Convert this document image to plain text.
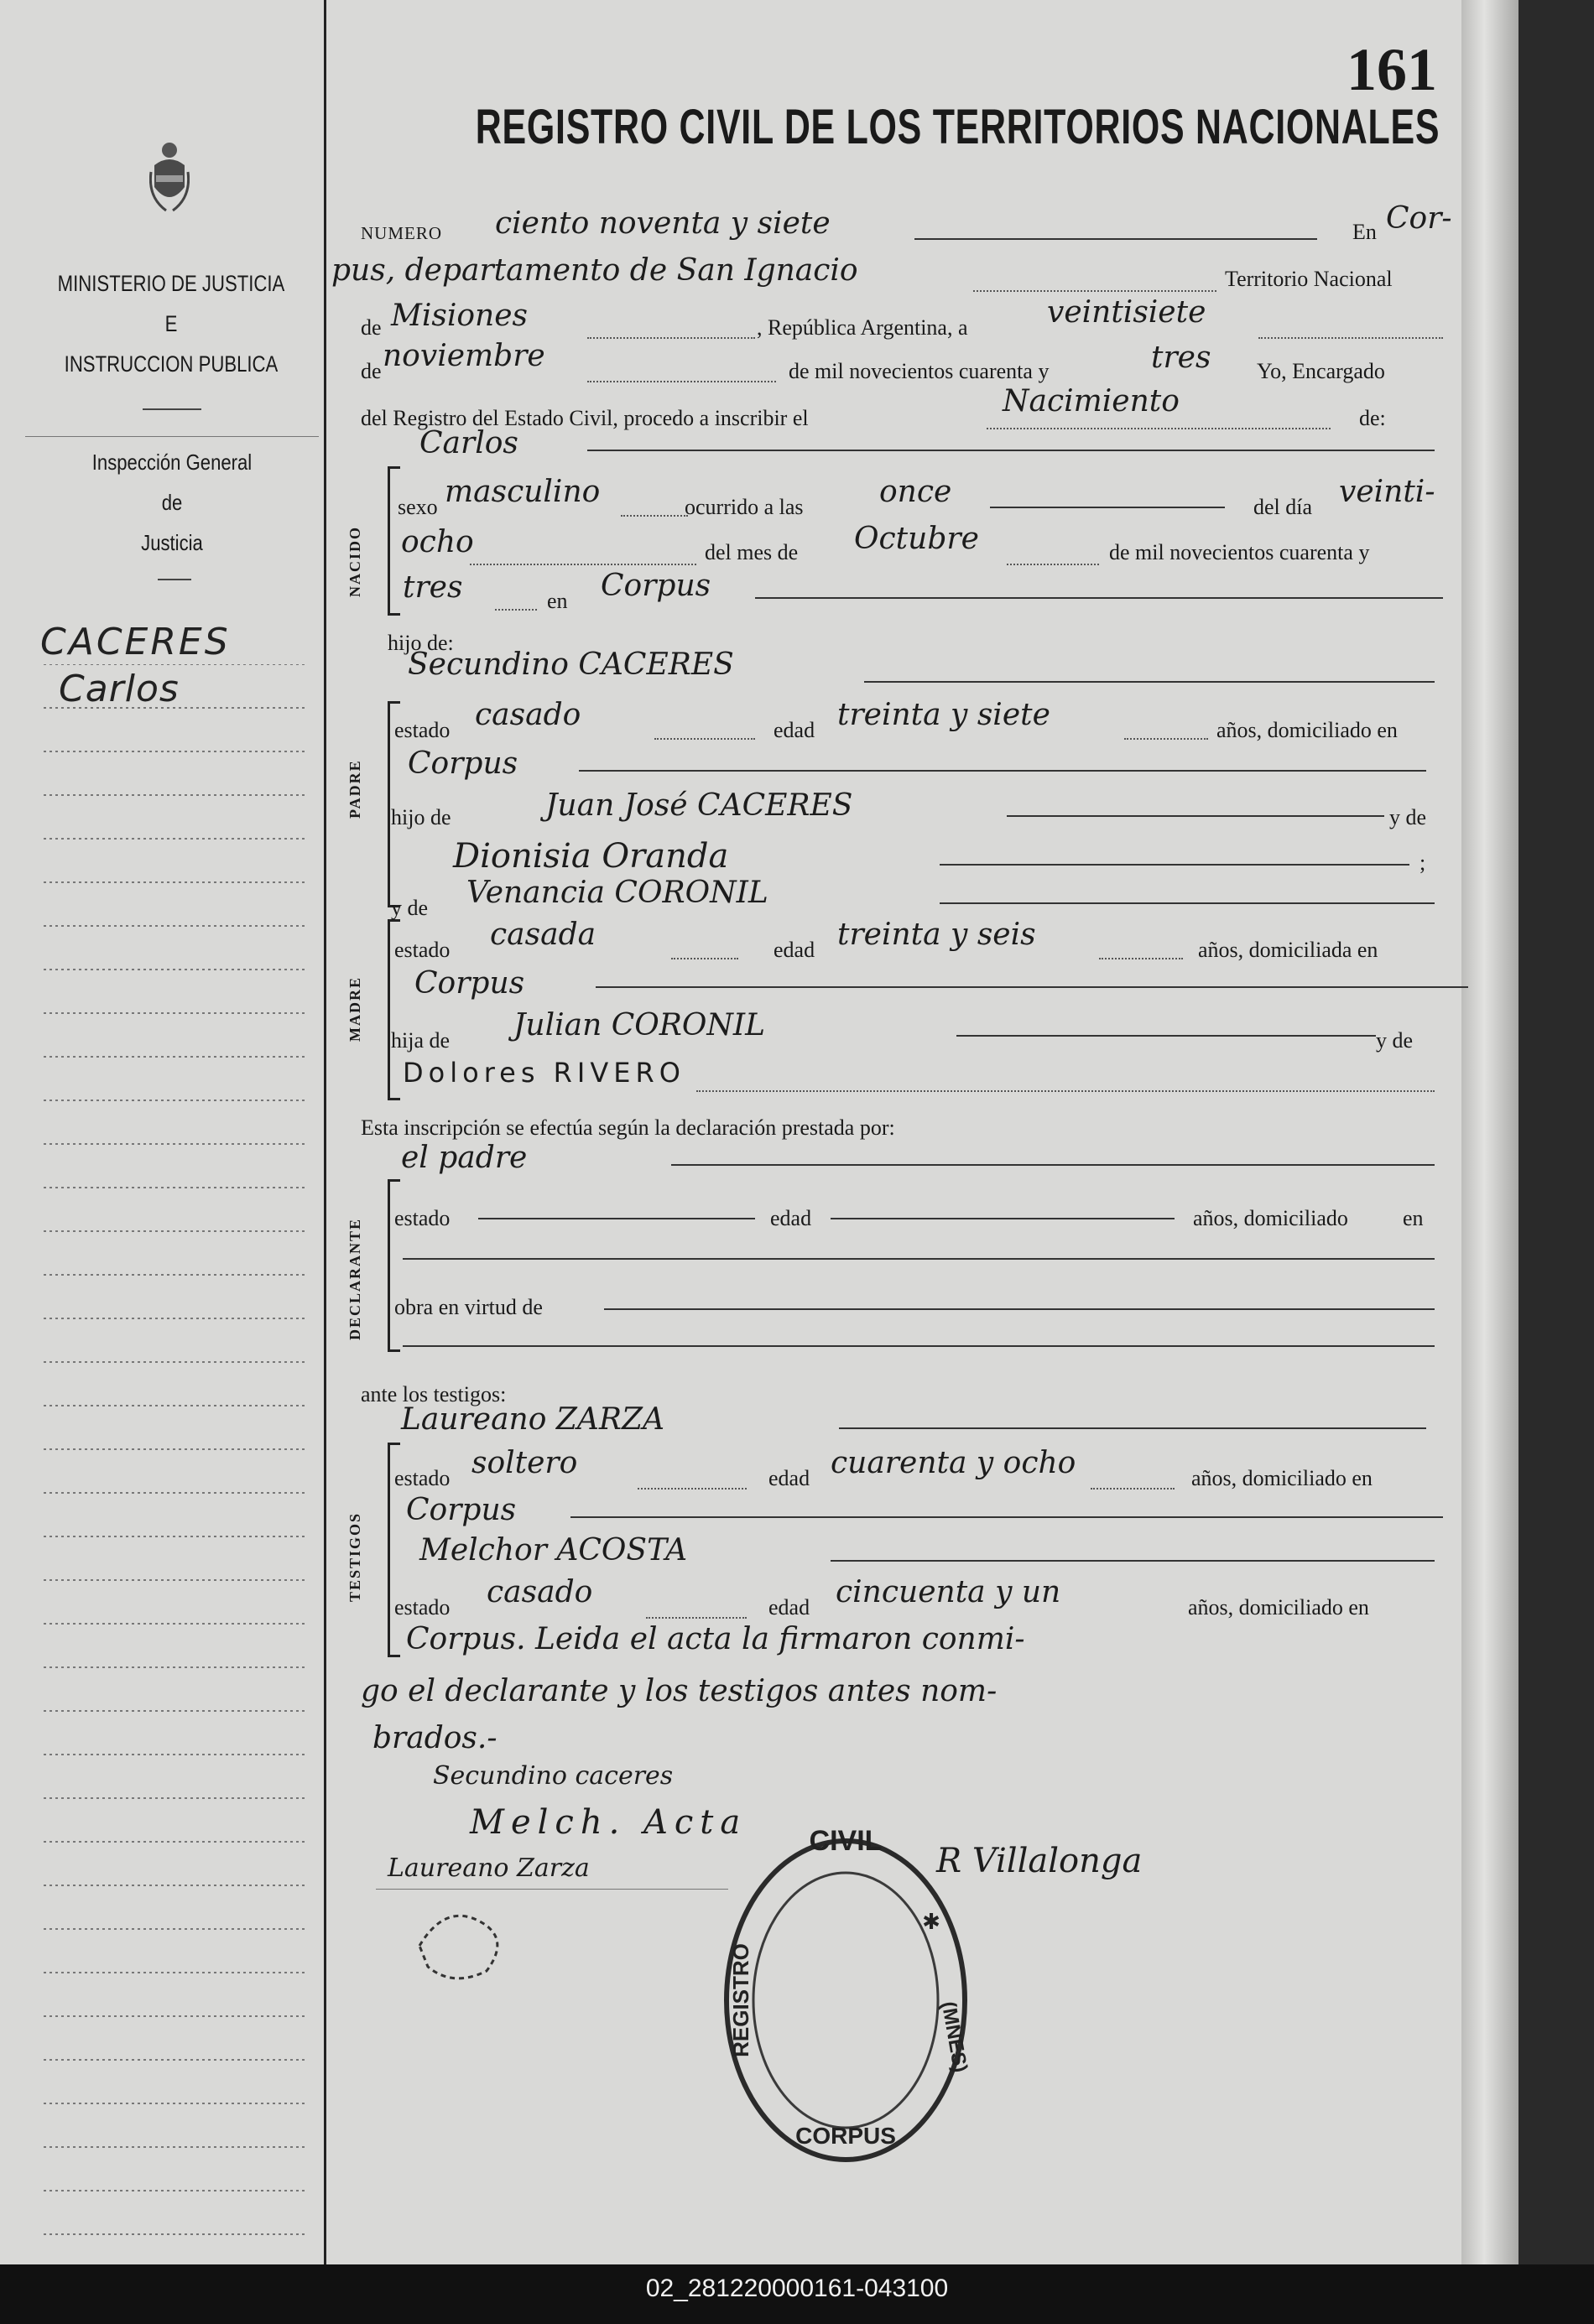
MINISTERIO DE JUSTICIA
E
INSTRUCCION PUBLICA
Inspección General
de
Justicia
CACERES
Carlos
161
REGISTRO CIVIL DE LOS TERRITORIOS NACIONALES
NUMERO ciento noventa y siete	En Cor-
pus, departamento de San Ignacio	Territorio Nacional
de Misiones	, República Argentina, a	veintisiete
de noviembre	de mil novecientos cuarenta y	tres Yo, Encargado
del Registro del Estado Civil, procedo a inscribir el	Nacimiento	de:
Carlos
NACIDO
sexo masculino	ocurrido a las	once	del día veinti-
ocho	del mes de Octubre	de mil novecientos cuarenta y
tres	en Corpus
hijo de:
Secundino CACERES
PADRE
estado casado	edad treinta y siete	años, domiciliado en
Corpus
hijo de	Juan José CACERES	y de
Dionisia Oranda	;
y de Venancia CORONIL
MADRE
estado casada	edad treinta y seis	años, domiciliada en
Corpus
hija de Julian CORONIL	y de
Dolores RIVERO
Esta inscripción se efectúa según la declaración prestada por:
el padre
DECLARANTE estado	edad	años, domiciliado	en
obra en virtud de
ante los testigos:
Laureano ZARZA
TESTIGOS
estado soltero	edad cuarenta y ocho	años, domiciliado en
Corpus
Melchor ACOSTA
estado casado	edad cincuenta y un	años, domiciliado en
Corpus. Leida el acta la firmaron conmi-
go el declarante y los testigos antes nom-
brados.-
Secundino caceres
Melch. Acta
Laureano Zarza	R Villalonga
CIVIL
REGISTRO	(MNES)
CORPUS
✱
02_281220000161-043100
